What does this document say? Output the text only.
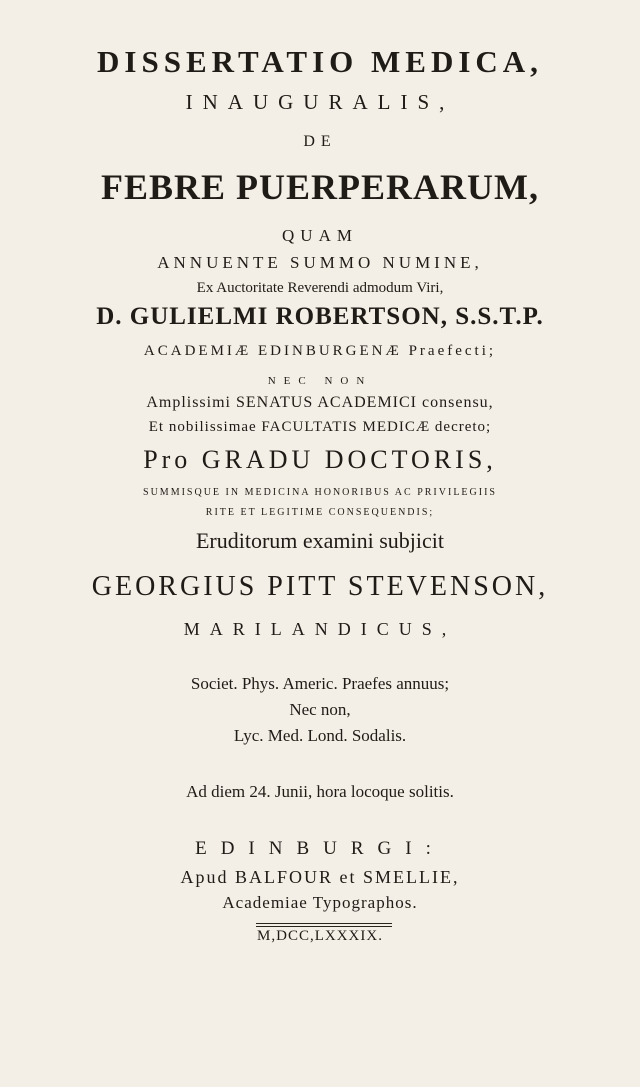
DISSERTATIO MEDICA,
INAUGURALIS,
DE
FEBRE PUERPERARUM,
QUAM
ANNUENTE SUMMO NUMINE,
Ex Auctoritate Reverendi admodum Viri,
D. GULIELMI ROBERTSON, S.S.T.P.
ACADEMIÆ EDINBURGENÆ Praefecti;
NEC NON
Amplissimi SENATUS ACADEMICI consensu,
Et nobilissimae FACULTATIS MEDICÆ decreto;
Pro GRADU DOCTORIS,
SUMMISQUE IN MEDICINA HONORIBUS AC PRIVILEGIIS
RITE ET LEGITIME CONSEQUENDIS;
Eruditorum examini subjicit
GEORGIUS PITT STEVENSON,
MARILANDICUS,
Societ. Phys. Americ. Praefes annuus;
Nec non,
Lyc. Med. Lond. Sodalis.
Ad diem 24. Junii, hora locoque solitis.
EDINBURGI:
Apud BALFOUR et SMELLIE,
Academiae Typographos.
M,DCC,LXXXIX.
